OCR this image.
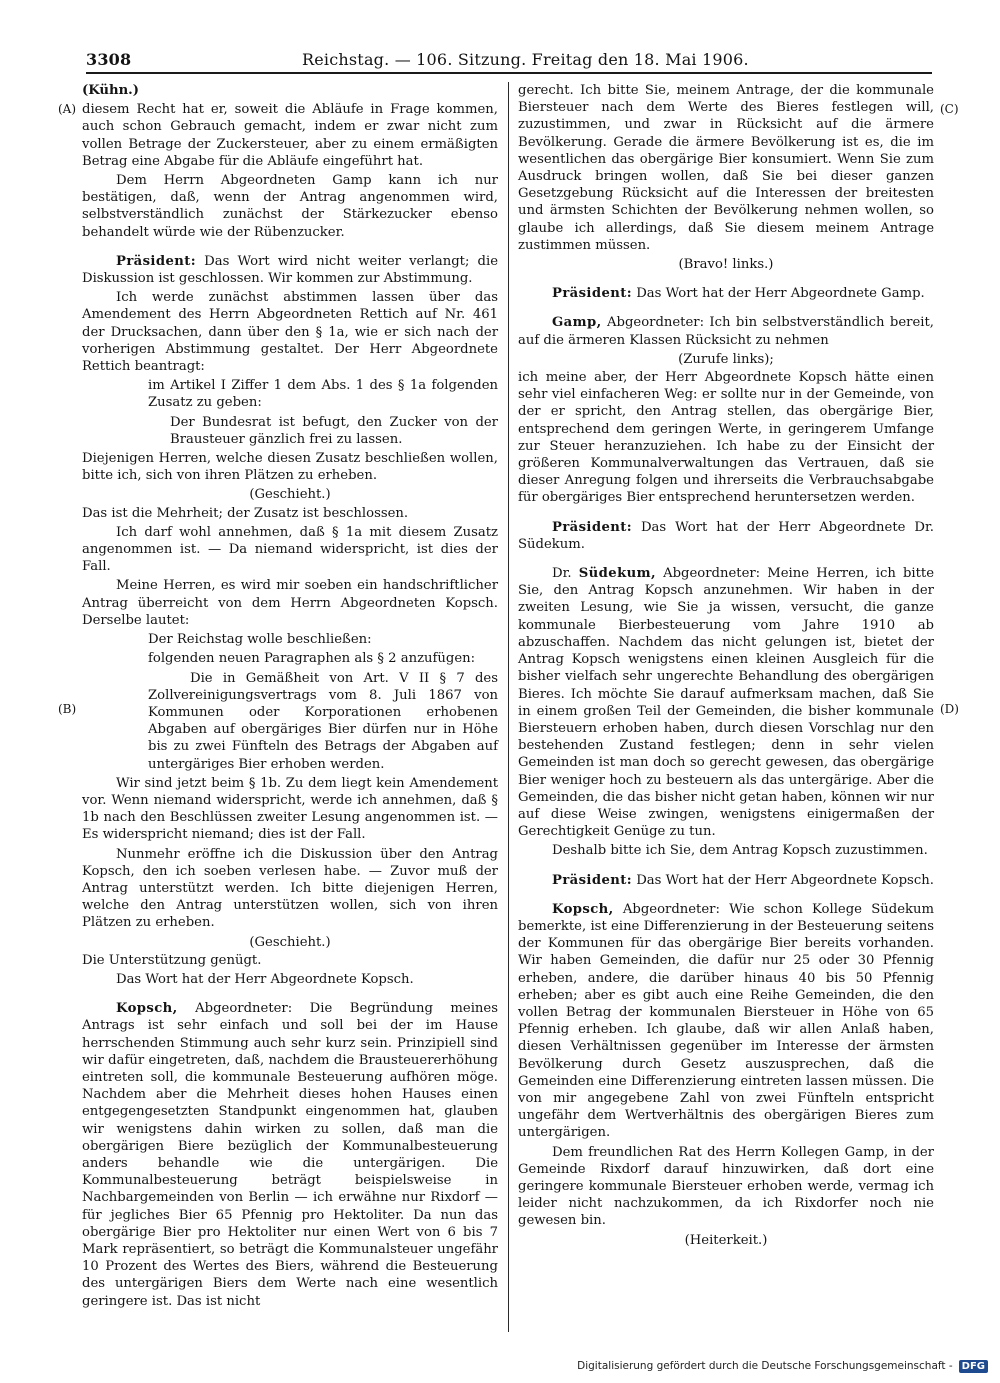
3308	Reichstag. — 106. Sitzung. Freitag den 18. Mai 1906.
(A)
(B)
(C)
(D)

(Kühn.)

diesem Recht hat er, soweit die Abläufe in Frage kommen, auch schon Gebrauch gemacht, indem er zwar nicht zum vollen Betrage der Zuckersteuer, aber zu einem ermäßigten Betrag eine Abgabe für die Abläufe eingeführt hat.

Dem Herrn Abgeordneten Gamp kann ich nur bestätigen, daß, wenn der Antrag angenommen wird, selbstverständlich zunächst der Stärkezucker ebenso behandelt würde wie der Rübenzucker.

Präsident: Das Wort wird nicht weiter verlangt; die Diskussion ist geschlossen. Wir kommen zur Abstimmung.

Ich werde zunächst abstimmen lassen über das Amendement des Herrn Abgeordneten Rettich auf Nr. 461 der Drucksachen, dann über den § 1a, wie er sich nach der vorherigen Abstimmung gestaltet. Der Herr Abgeordnete Rettich beantragt:

im Artikel I Ziffer 1 dem Abs. 1 des § 1a folgenden Zusatz zu geben:

Der Bundesrat ist befugt, den Zucker von der Brausteuer gänzlich frei zu lassen.

Diejenigen Herren, welche diesen Zusatz beschließen wollen, bitte ich, sich von ihren Plätzen zu erheben.

(Geschieht.)

Das ist die Mehrheit; der Zusatz ist beschlossen.

Ich darf wohl annehmen, daß § 1a mit diesem Zusatz angenommen ist. — Da niemand widerspricht, ist dies der Fall.

Meine Herren, es wird mir soeben ein handschriftlicher Antrag überreicht von dem Herrn Abgeordneten Kopsch. Derselbe lautet:

Der Reichstag wolle beschließen:

folgenden neuen Paragraphen als § 2 anzufügen:

Die in Gemäßheit von Art. V II § 7 des Zollvereinigungsvertrags vom 8. Juli 1867 von Kommunen oder Korporationen erhobenen Abgaben auf obergäriges Bier dürfen nur in Höhe bis zu zwei Fünfteln des Betrags der Abgaben auf untergäriges Bier erhoben werden.

Wir sind jetzt beim § 1b. Zu dem liegt kein Amendement vor. Wenn niemand widerspricht, werde ich annehmen, daß § 1b nach den Beschlüssen zweiter Lesung angenommen ist. — Es widerspricht niemand; dies ist der Fall.

Nunmehr eröffne ich die Diskussion über den Antrag Kopsch, den ich soeben verlesen habe. — Zuvor muß der Antrag unterstützt werden. Ich bitte diejenigen Herren, welche den Antrag unterstützen wollen, sich von ihren Plätzen zu erheben.

(Geschieht.)

Die Unterstützung genügt.

Das Wort hat der Herr Abgeordnete Kopsch.

Kopsch, Abgeordneter: Die Begründung meines Antrags ist sehr einfach und soll bei der im Hause herrschenden Stimmung auch sehr kurz sein. Prinzipiell sind wir dafür eingetreten, daß, nachdem die Brausteuererhöhung eintreten soll, die kommunale Besteuerung aufhören möge. Nachdem aber die Mehrheit dieses hohen Hauses einen entgegengesetzten Standpunkt eingenommen hat, glauben wir wenigstens dahin wirken zu sollen, daß man die obergärigen Biere bezüglich der Kommunalbesteuerung anders behandle wie die untergärigen. Die Kommunalbesteuerung beträgt beispielsweise in Nachbargemeinden von Berlin — ich erwähne nur Rixdorf — für jegliches Bier 65 Pfennig pro Hektoliter. Da nun das obergärige Bier pro Hektoliter nur einen Wert von 6 bis 7 Mark repräsentiert, so beträgt die Kommunalsteuer ungefähr 10 Prozent des Wertes des Biers, während die Besteuerung des untergärigen Biers dem Werte nach eine wesentlich geringere ist. Das ist nicht

gerecht. Ich bitte Sie, meinem Antrage, der die kommunale Biersteuer nach dem Werte des Bieres festlegen will, zuzustimmen, und zwar in Rücksicht auf die ärmere Bevölkerung. Gerade die ärmere Bevölkerung ist es, die im wesentlichen das obergärige Bier konsumiert. Wenn Sie zum Ausdruck bringen wollen, daß Sie bei dieser ganzen Gesetzgebung Rücksicht auf die Interessen der breitesten und ärmsten Schichten der Bevölkerung nehmen wollen, so glaube ich allerdings, daß Sie diesem meinem Antrage zustimmen müssen.

(Bravo! links.)

Präsident: Das Wort hat der Herr Abgeordnete Gamp.

Gamp, Abgeordneter: Ich bin selbstverständlich bereit, auf die ärmeren Klassen Rücksicht zu nehmen

(Zurufe links);

ich meine aber, der Herr Abgeordnete Kopsch hätte einen sehr viel einfacheren Weg: er sollte nur in der Gemeinde, von der er spricht, den Antrag stellen, das obergärige Bier, entsprechend dem geringen Werte, in geringerem Umfange zur Steuer heranzuziehen. Ich habe zu der Einsicht der größeren Kommunalverwaltungen das Vertrauen, daß sie dieser Anregung folgen und ihrerseits die Verbrauchsabgabe für obergäriges Bier entsprechend heruntersetzen werden.

Präsident: Das Wort hat der Herr Abgeordnete Dr. Südekum.

Dr. Südekum, Abgeordneter: Meine Herren, ich bitte Sie, den Antrag Kopsch anzunehmen. Wir haben in der zweiten Lesung, wie Sie ja wissen, versucht, die ganze kommunale Bierbesteuerung vom Jahre 1910 ab abzuschaffen. Nachdem das nicht gelungen ist, bietet der Antrag Kopsch wenigstens einen kleinen Ausgleich für die bisher vielfach sehr ungerechte Behandlung des obergärigen Bieres. Ich möchte Sie darauf aufmerksam machen, daß Sie in einem großen Teil der Gemeinden, die bisher kommunale Biersteuern erhoben haben, durch diesen Vorschlag nur den bestehenden Zustand festlegen; denn in sehr vielen Gemeinden ist man doch so gerecht gewesen, das obergärige Bier weniger hoch zu besteuern als das untergärige. Aber die Gemeinden, die das bisher nicht getan haben, können wir nur auf diese Weise zwingen, wenigstens einigermaßen der Gerechtigkeit Genüge zu tun.

Deshalb bitte ich Sie, dem Antrag Kopsch zuzustimmen.

Präsident: Das Wort hat der Herr Abgeordnete Kopsch.

Kopsch, Abgeordneter: Wie schon Kollege Südekum bemerkte, ist eine Differenzierung in der Besteuerung seitens der Kommunen für das obergärige Bier bereits vorhanden. Wir haben Gemeinden, die dafür nur 25 oder 30 Pfennig erheben, andere, die darüber hinaus 40 bis 50 Pfennig erheben; aber es gibt auch eine Reihe Gemeinden, die den vollen Betrag der kommunalen Biersteuer in Höhe von 65 Pfennig erheben. Ich glaube, daß wir allen Anlaß haben, diesen Verhältnissen gegenüber im Interesse der ärmsten Bevölkerung durch Gesetz auszusprechen, daß die Gemeinden eine Differenzierung eintreten lassen müssen. Die von mir angegebene Zahl von zwei Fünfteln entspricht ungefähr dem Wertverhältnis des obergärigen Bieres zum untergärigen.

Dem freundlichen Rat des Herrn Kollegen Gamp, in der Gemeinde Rixdorf darauf hinzuwirken, daß dort eine geringere kommunale Biersteuer erhoben werde, vermag ich leider nicht nachzukommen, da ich Rixdorfer noch nie gewesen bin.

(Heiterkeit.)

Digitalisierung gefördert durch die Deutsche Forschungsgemeinschaft - DFG
